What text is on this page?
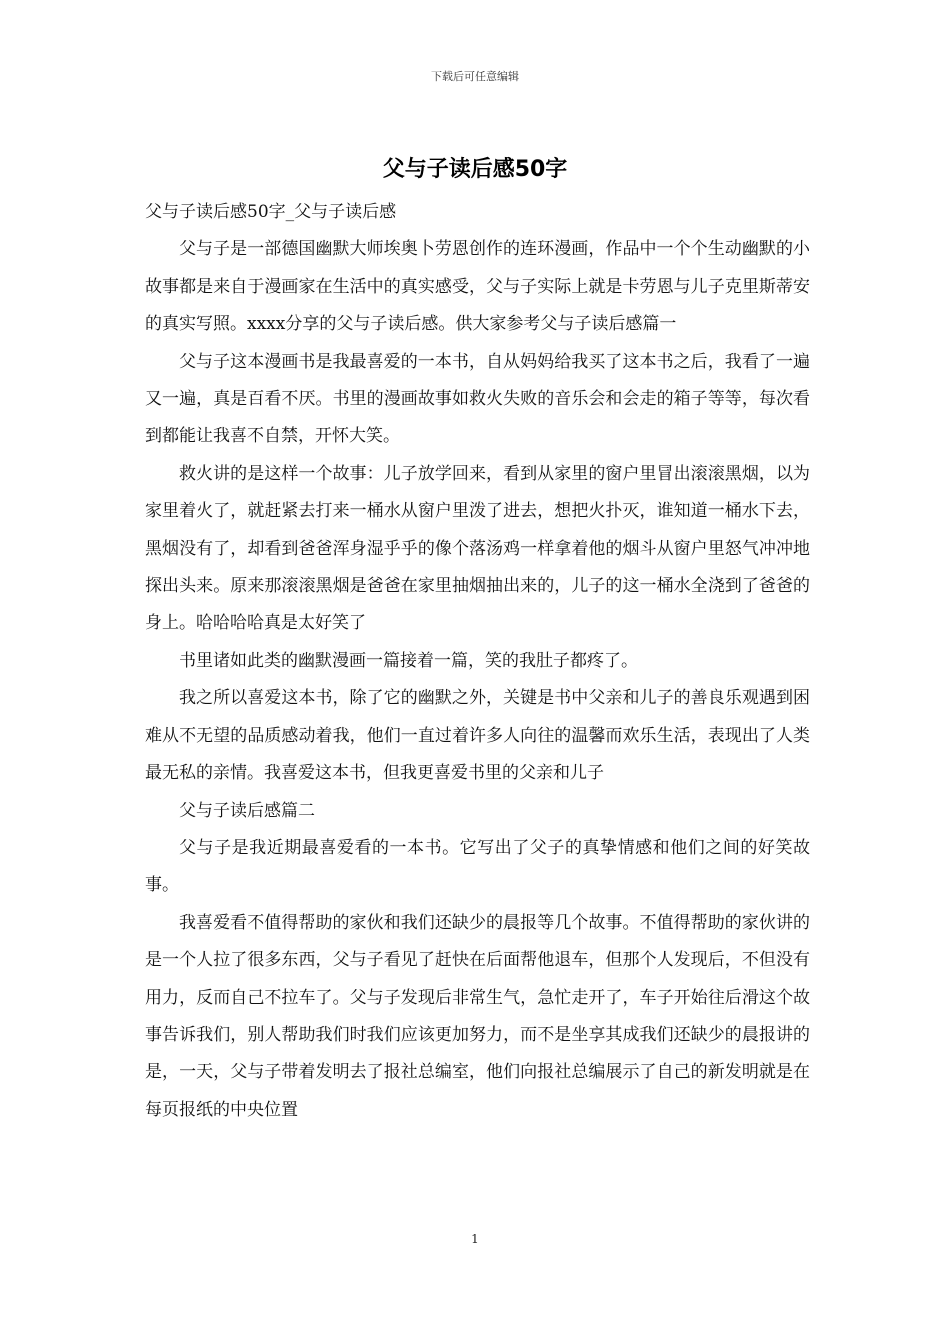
下载后可任意编辑
父与子读后感50字

父与子读后感50字_父与子读后感

父与子是一部德国幽默大师埃奥卜劳恩创作的连环漫画，作品中一个个生动幽默的小故事都是来自于漫画家在生活中的真实感受，父与子实际上就是卡劳恩与儿子克里斯蒂安的真实写照。xxxx分享的父与子读后感。供大家参考父与子读后感篇一

父与子这本漫画书是我最喜爱的一本书，自从妈妈给我买了这本书之后，我看了一遍又一遍，真是百看不厌。书里的漫画故事如救火失败的音乐会和会走的箱子等等，每次看到都能让我喜不自禁，开怀大笑。

救火讲的是这样一个故事：儿子放学回来，看到从家里的窗户里冒出滚滚黑烟，以为家里着火了，就赶紧去打来一桶水从窗户里泼了进去，想把火扑灭，谁知道一桶水下去，黑烟没有了，却看到爸爸浑身湿乎乎的像个落汤鸡一样拿着他的烟斗从窗户里怒气冲冲地探出头来。原来那滚滚黑烟是爸爸在家里抽烟抽出来的，儿子的这一桶水全浇到了爸爸的身上。哈哈哈哈真是太好笑了

书里诸如此类的幽默漫画一篇接着一篇，笑的我肚子都疼了。

我之所以喜爱这本书，除了它的幽默之外，关键是书中父亲和儿子的善良乐观遇到困难从不无望的品质感动着我，他们一直过着许多人向往的温馨而欢乐生活，表现出了人类最无私的亲情。我喜爱这本书，但我更喜爱书里的父亲和儿子

父与子读后感篇二

父与子是我近期最喜爱看的一本书。它写出了父子的真挚情感和他们之间的好笑故事。

我喜爱看不值得帮助的家伙和我们还缺少的晨报等几个故事。不值得帮助的家伙讲的是一个人拉了很多东西，父与子看见了赶快在后面帮他退车，但那个人发现后，不但没有用力，反而自己不拉车了。父与子发现后非常生气，急忙走开了，车子开始往后滑这个故事告诉我们，别人帮助我们时我们应该更加努力，而不是坐享其成我们还缺少的晨报讲的是，一天，父与子带着发明去了报社总编室，他们向报社总编展示了自己的新发明就是在每页报纸的中央位置

1
